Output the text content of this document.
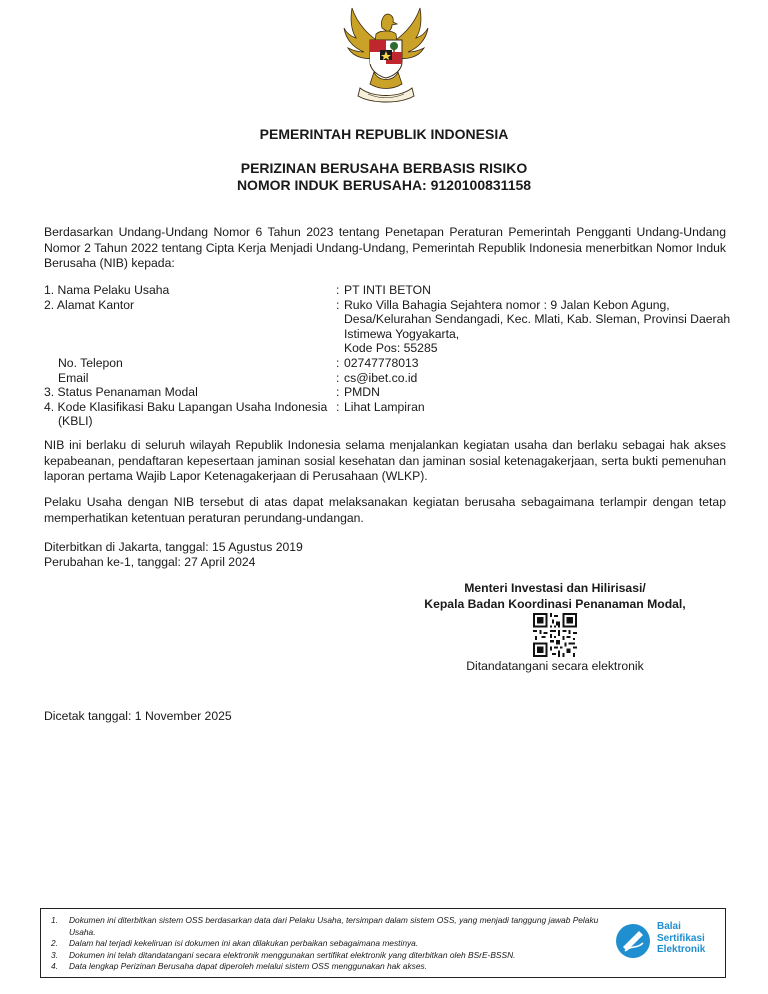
PEMERINTAH REPUBLIK INDONESIA
PERIZINAN BERUSAHA BERBASIS RISIKO
NOMOR INDUK BERUSAHA: 9120100831158

Berdasarkan Undang-Undang Nomor 6 Tahun 2023 tentang Penetapan Peraturan Pemerintah Pengganti Undang-Undang Nomor 2 Tahun 2022 tentang Cipta Kerja Menjadi Undang-Undang, Pemerintah Republik Indonesia menerbitkan Nomor Induk Berusaha (NIB) kepada:

1. Nama Pelaku Usaha	: PT INTI BETON
2. Alamat Kantor	: Ruko Villa Bahagia Sejahtera nomor : 9 Jalan Kebon Agung,
Desa/Kelurahan Sendangadi, Kec. Mlati, Kab. Sleman, Provinsi Daerah
Istimewa Yogyakarta,
Kode Pos: 55285
No. Telepon	: 02747778013
Email	: cs@ibet.co.id
3. Status Penanaman Modal	: PMDN
4. Kode Klasifikasi Baku Lapangan Usaha Indonesia
(KBLI)
: Lihat Lampiran

NIB ini berlaku di seluruh wilayah Republik Indonesia selama menjalankan kegiatan usaha dan berlaku sebagai hak akses kepabeanan, pendaftaran kepesertaan jaminan sosial kesehatan dan jaminan sosial ketenagakerjaan, serta bukti pemenuhan laporan pertama Wajib Lapor Ketenagakerjaan di Perusahaan (WLKP).

Pelaku Usaha dengan NIB tersebut di atas dapat melaksanakan kegiatan berusaha sebagaimana terlampir dengan tetap memperhatikan ketentuan peraturan perundang-undangan.

Diterbitkan di Jakarta, tanggal: 15 Agustus 2019
Perubahan ke-1, tanggal: 27 April 2024
Menteri Investasi dan Hilirisasi/
Kepala Badan Koordinasi Penanaman Modal,
Ditandatangani secara elektronik
Dicetak tanggal: 1 November 2025
1.	Dokumen ini diterbitkan sistem OSS berdasarkan data dari Pelaku Usaha, tersimpan dalam sistem OSS, yang menjadi tanggung jawab Pelaku Usaha.
2.	Dalam hal terjadi kekeliruan isi dokumen ini akan dilakukan perbaikan sebagaimana mestinya.
3.	Dokumen ini telah ditandatangani secara elektronik menggunakan sertifikat elektronik yang diterbitkan oleh BSrE-BSSN.
4.	Data lengkap Perizinan Berusaha dapat diperoleh melalui sistem OSS menggunakan hak akses.
Balai
Sertifikasi
Elektronik
